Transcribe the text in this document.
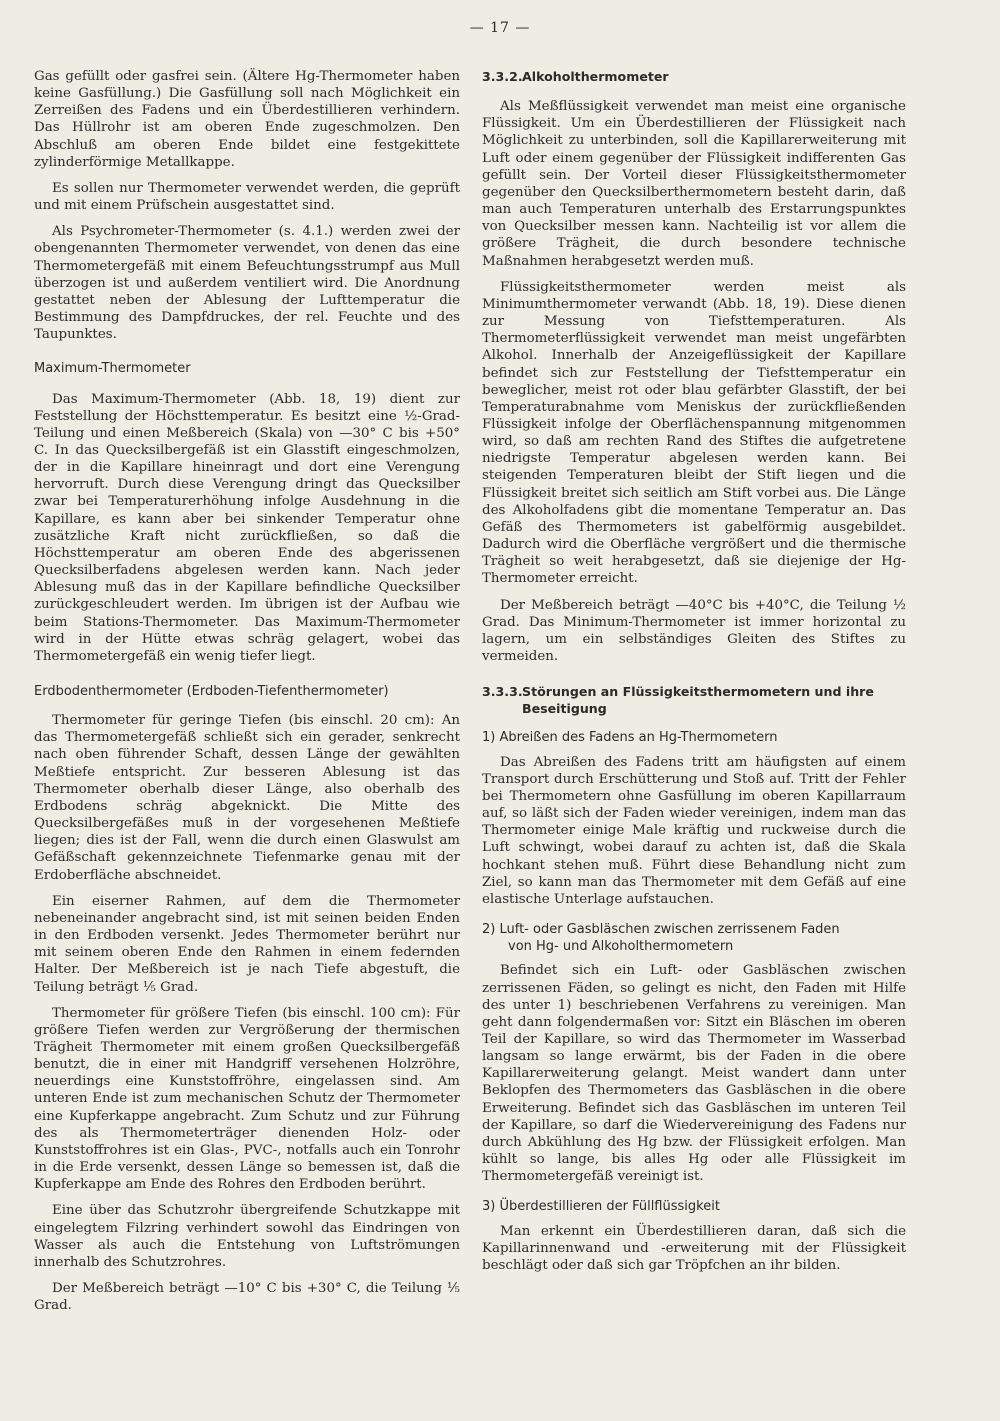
— 17 —

Gas gefüllt oder gasfrei sein. (Ältere Hg-Thermometer haben keine Gasfüllung.) Die Gasfüllung soll nach Möglichkeit ein Zerreißen des Fadens und ein Überdestillieren verhindern. Das Hüllrohr ist am oberen Ende zugeschmolzen. Den Abschluß am oberen Ende bildet eine festgekittete zylinderförmige Metallkappe.

Es sollen nur Thermometer verwendet werden, die geprüft und mit einem Prüfschein ausgestattet sind.

Als Psychrometer-Thermometer (s. 4.1.) werden zwei der obengenannten Thermometer verwendet, von denen das eine Thermometergefäß mit einem Befeuchtungsstrumpf aus Mull überzogen ist und außerdem ventiliert wird. Die Anordnung gestattet neben der Ablesung der Lufttemperatur die Bestimmung des Dampfdruckes, der rel. Feuchte und des Taupunktes.

Maximum-Thermometer

Das Maximum-Thermometer (Abb. 18, 19) dient zur Feststellung der Höchsttemperatur. Es besitzt eine ½-Grad-Teilung und einen Meßbereich (Skala) von —30° C bis +50° C. In das Quecksilbergefäß ist ein Glasstift eingeschmolzen, der in die Kapillare hineinragt und dort eine Verengung hervorruft. Durch diese Verengung dringt das Quecksilber zwar bei Temperaturerhöhung infolge Ausdehnung in die Kapillare, es kann aber bei sinkender Temperatur ohne zusätzliche Kraft nicht zurückfließen, so daß die Höchsttemperatur am oberen Ende des abgerissenen Quecksilberfadens abgelesen werden kann. Nach jeder Ablesung muß das in der Kapillare befindliche Quecksilber zurückgeschleudert werden. Im übrigen ist der Aufbau wie beim Stations-Thermometer. Das Maximum-Thermometer wird in der Hütte etwas schräg gelagert, wobei das Thermometergefäß ein wenig tiefer liegt.

Erdbodenthermometer (Erdboden-Tiefenthermometer)

Thermometer für geringe Tiefen (bis einschl. 20 cm): An das Thermometergefäß schließt sich ein gerader, senkrecht nach oben führender Schaft, dessen Länge der gewählten Meßtiefe entspricht. Zur besseren Ablesung ist das Thermometer oberhalb dieser Länge, also oberhalb des Erdbodens schräg abgeknickt. Die Mitte des Quecksilbergefäßes muß in der vorgesehenen Meßtiefe liegen; dies ist der Fall, wenn die durch einen Glaswulst am Gefäßschaft gekennzeichnete Tiefenmarke genau mit der Erdoberfläche abschneidet.

Ein eiserner Rahmen, auf dem die Thermometer nebeneinander angebracht sind, ist mit seinen beiden Enden in den Erdboden versenkt. Jedes Thermometer berührt nur mit seinem oberen Ende den Rahmen in einem federnden Halter. Der Meßbereich ist je nach Tiefe abgestuft, die Teilung beträgt ⅕ Grad.

Thermometer für größere Tiefen (bis einschl. 100 cm): Für größere Tiefen werden zur Vergrößerung der thermischen Trägheit Thermometer mit einem großen Quecksilbergefäß benutzt, die in einer mit Handgriff versehenen Holzröhre, neuerdings eine Kunststoffröhre, eingelassen sind. Am unteren Ende ist zum mechanischen Schutz der Thermometer eine Kupferkappe angebracht. Zum Schutz und zur Führung des als Thermometerträger dienenden Holz- oder Kunststoffrohres ist ein Glas-, PVC-, notfalls auch ein Tonrohr in die Erde versenkt, dessen Länge so bemessen ist, daß die Kupferkappe am Ende des Rohres den Erdboden berührt.

Eine über das Schutzrohr übergreifende Schutzkappe mit eingelegtem Filzring verhindert sowohl das Eindringen von Wasser als auch die Entstehung von Luftströmungen innerhalb des Schutzrohres.

Der Meßbereich beträgt —10° C bis +30° C, die Teilung ⅕ Grad.

3.3.2.Alkoholthermometer

Als Meßflüssigkeit verwendet man meist eine organische Flüssigkeit. Um ein Überdestillieren der Flüssigkeit nach Möglichkeit zu unterbinden, soll die Kapillarerweiterung mit Luft oder einem gegenüber der Flüssigkeit indifferenten Gas gefüllt sein. Der Vorteil dieser Flüssigkeitsthermometer gegenüber den Quecksilberthermometern besteht darin, daß man auch Temperaturen unterhalb des Erstarrungspunktes von Quecksilber messen kann. Nachteilig ist vor allem die größere Trägheit, die durch besondere technische Maßnahmen herabgesetzt werden muß.

Flüssigkeitsthermometer werden meist als Minimumthermometer verwandt (Abb. 18, 19). Diese dienen zur Messung von Tiefsttemperaturen. Als Thermometerflüssigkeit verwendet man meist ungefärbten Alkohol. Innerhalb der Anzeigeflüssigkeit der Kapillare befindet sich zur Feststellung der Tiefsttemperatur ein beweglicher, meist rot oder blau gefärbter Glasstift, der bei Temperaturabnahme vom Meniskus der zurückfließenden Flüssigkeit infolge der Oberflächenspannung mitgenommen wird, so daß am rechten Rand des Stiftes die aufgetretene niedrigste Temperatur abgelesen werden kann. Bei steigenden Temperaturen bleibt der Stift liegen und die Flüssigkeit breitet sich seitlich am Stift vorbei aus. Die Länge des Alkoholfadens gibt die momentane Temperatur an. Das Gefäß des Thermometers ist gabelförmig ausgebildet. Dadurch wird die Oberfläche vergrößert und die thermische Trägheit so weit herabgesetzt, daß sie diejenige der Hg-Thermometer erreicht.

Der Meßbereich beträgt —40°C bis +40°C, die Teilung ½ Grad. Das Minimum-Thermometer ist immer horizontal zu lagern, um ein selbständiges Gleiten des Stiftes zu vermeiden.

3.3.3.Störungen an Flüssigkeitsthermometern und ihre
Beseitigung

1) Abreißen des Fadens an Hg-Thermometern

Das Abreißen des Fadens tritt am häufigsten auf einem Transport durch Erschütterung und Stoß auf. Tritt der Fehler bei Thermometern ohne Gasfüllung im oberen Kapillarraum auf, so läßt sich der Faden wieder vereinigen, indem man das Thermometer einige Male kräftig und ruckweise durch die Luft schwingt, wobei darauf zu achten ist, daß die Skala hochkant stehen muß. Führt diese Behandlung nicht zum Ziel, so kann man das Thermometer mit dem Gefäß auf eine elastische Unterlage aufstauchen.

2) Luft- oder Gasbläschen zwischen zerrissenem Faden
von Hg- und Alkoholthermometern

Befindet sich ein Luft- oder Gasbläschen zwischen zerrissenen Fäden, so gelingt es nicht, den Faden mit Hilfe des unter 1) beschriebenen Verfahrens zu vereinigen. Man geht dann folgendermaßen vor: Sitzt ein Bläschen im oberen Teil der Kapillare, so wird das Thermometer im Wasserbad langsam so lange erwärmt, bis der Faden in die obere Kapillarerweiterung gelangt. Meist wandert dann unter Beklopfen des Thermometers das Gasbläschen in die obere Erweiterung. Befindet sich das Gasbläschen im unteren Teil der Kapillare, so darf die Wiedervereinigung des Fadens nur durch Abkühlung des Hg bzw. der Flüssigkeit erfolgen. Man kühlt so lange, bis alles Hg oder alle Flüssigkeit im Thermometergefäß vereinigt ist.

3) Überdestillieren der Füllflüssigkeit

Man erkennt ein Überdestillieren daran, daß sich die Kapillarinnenwand und -erweiterung mit der Flüssigkeit beschlägt oder daß sich gar Tröpfchen an ihr bilden.
